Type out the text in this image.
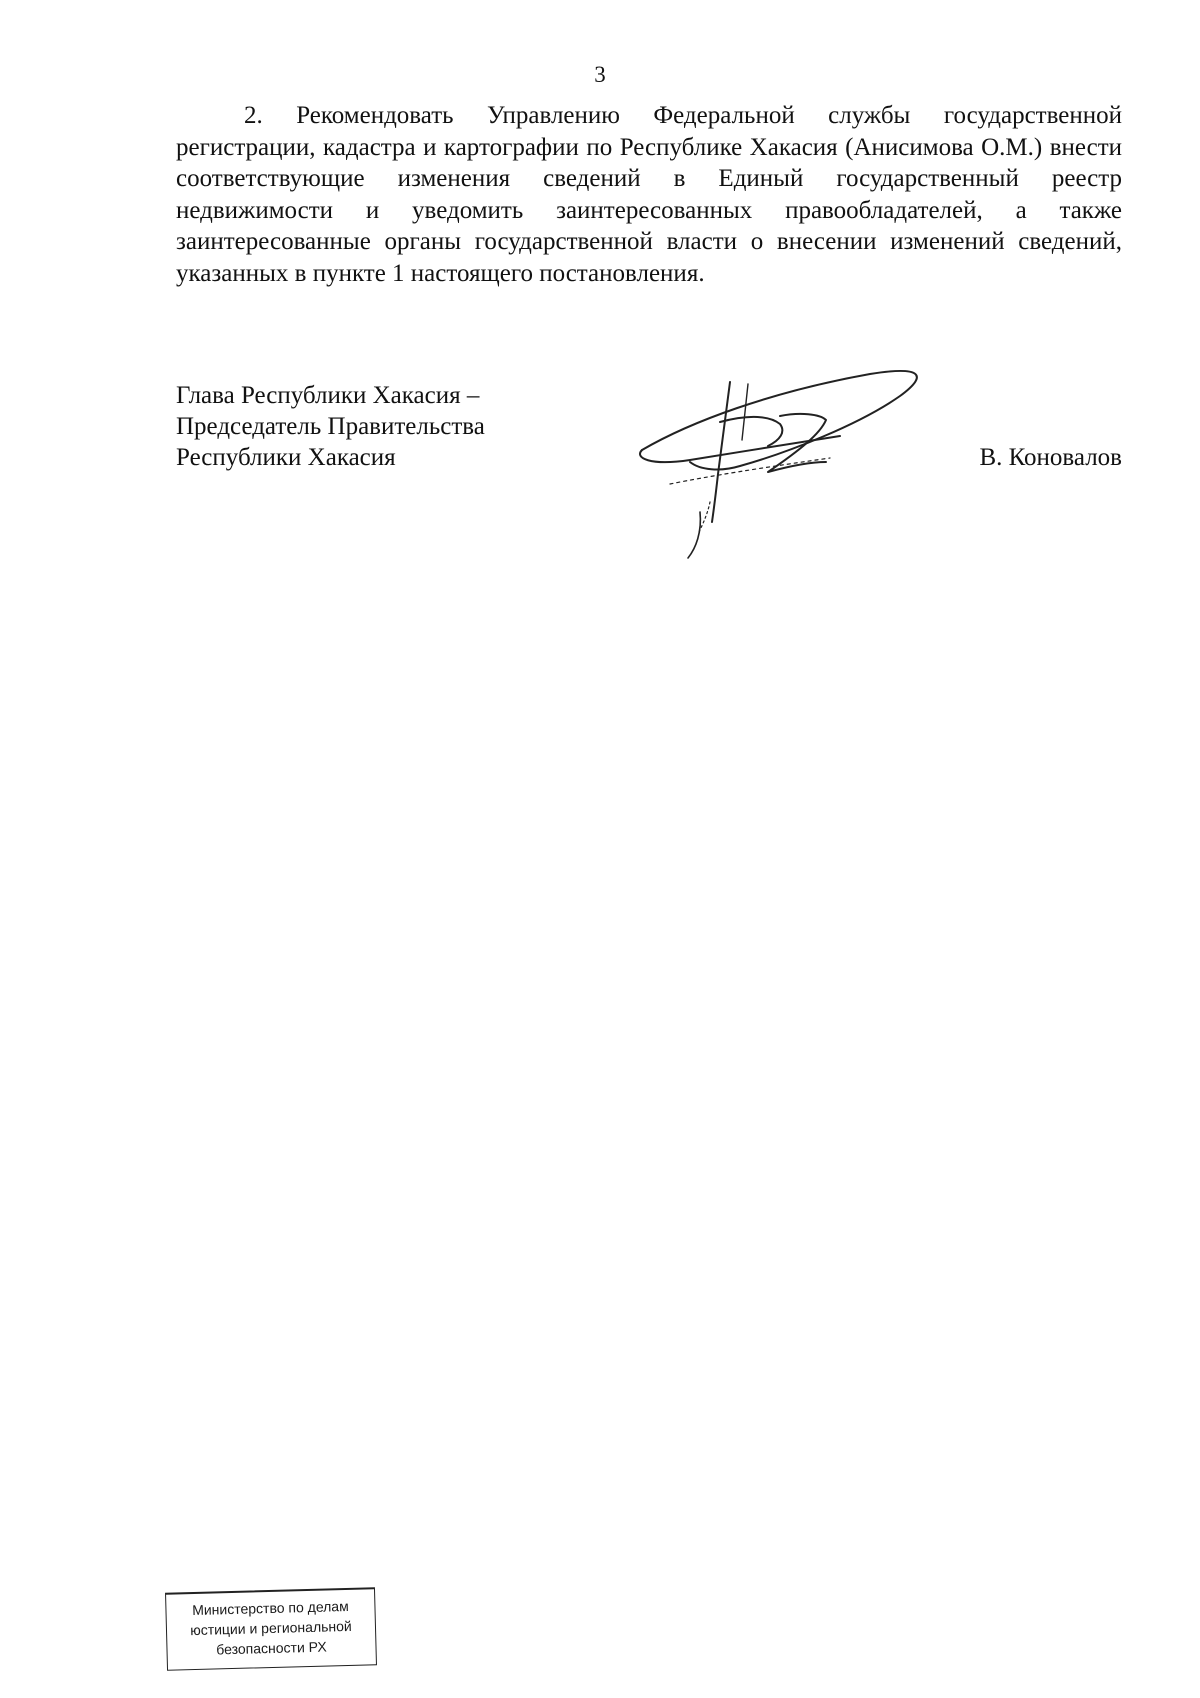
3

2. Рекомендовать Управлению Федеральной службы государственной регистрации, кадастра и картографии по Республике Хакасия (Анисимова О.М.) внести соответствующие изменения сведений в Единый государственный реестр недвижимости и уведомить заинтересованных правообладателей, а также заинтересованные органы государственной власти о внесении изменений сведений, указанных в пункте 1 настоящего постановления.

Глава Республики Хакасия –
Председатель Правительства
Республики Хакасия	В. Коновалов
Министерство по делам
юстиции и региональной
безопасности РХ
